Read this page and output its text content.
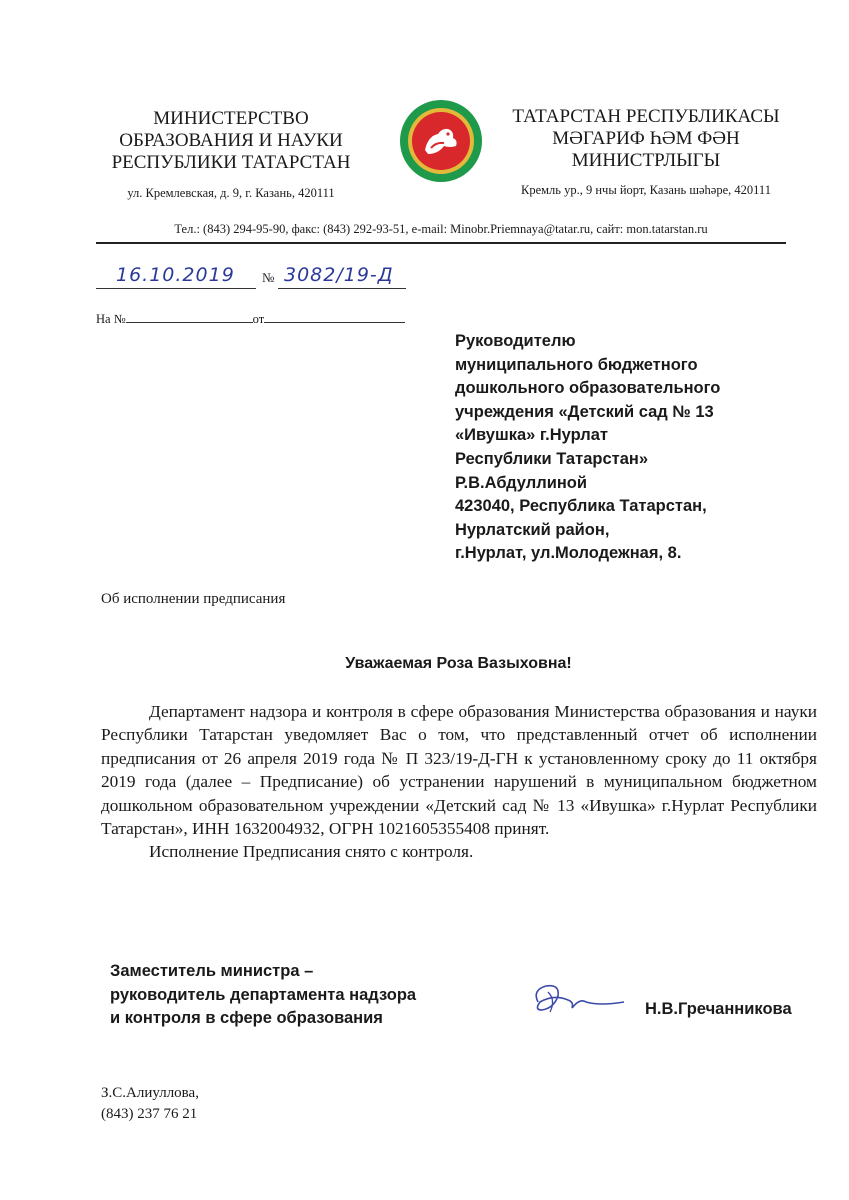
МИНИСТЕРСТВО
ОБРАЗОВАНИЯ И НАУКИ
РЕСПУБЛИКИ ТАТАРСТАН
ул. Кремлевская, д. 9, г. Казань, 420111
ТАТАРСТАН РЕСПУБЛИКАСЫ
МӘГАРИФ ҺӘМ ФӘН
МИНИСТРЛЫГЫ
Кремль ур., 9 нчы йорт, Казань шәһәре, 420111
Тел.: (843) 294-95-90, факс: (843) 292-93-51, e-mail: Minobr.Priemnaya@tatar.ru, сайт: mon.tatarstan.ru
16.10.2019 № 3082/19-Д
На №	от
Руководителю
муниципального бюджетного
дошкольного образовательного
учреждения «Детский сад № 13
«Ивушка» г.Нурлат
Республики Татарстан»
Р.В.Абдуллиной
423040, Республика Татарстан,
Нурлатский район,
г.Нурлат, ул.Молодежная, 8.
Об исполнении предписания
Уважаемая Роза Вазыховна!

Департамент надзора и контроля в сфере образования Министерства образования и науки Республики Татарстан уведомляет Вас о том, что представленный отчет об исполнении предписания от 26 апреля 2019 года № П 323/19-Д-ГН к установленному сроку до 11 октября 2019 года (далее – Предписание) об устранении нарушений в муниципальном бюджетном дошкольном образовательном учреждении «Детский сад № 13 «Ивушка» г.Нурлат Республики Татарстан», ИНН 1632004932, ОГРН 1021605355408 принят.

Исполнение Предписания снято с контроля.

Заместитель министра –
руководитель департамента надзора
и контроля в сфере образования	Н.В.Гречанникова
З.С.Алиуллова,
(843) 237 76 21
